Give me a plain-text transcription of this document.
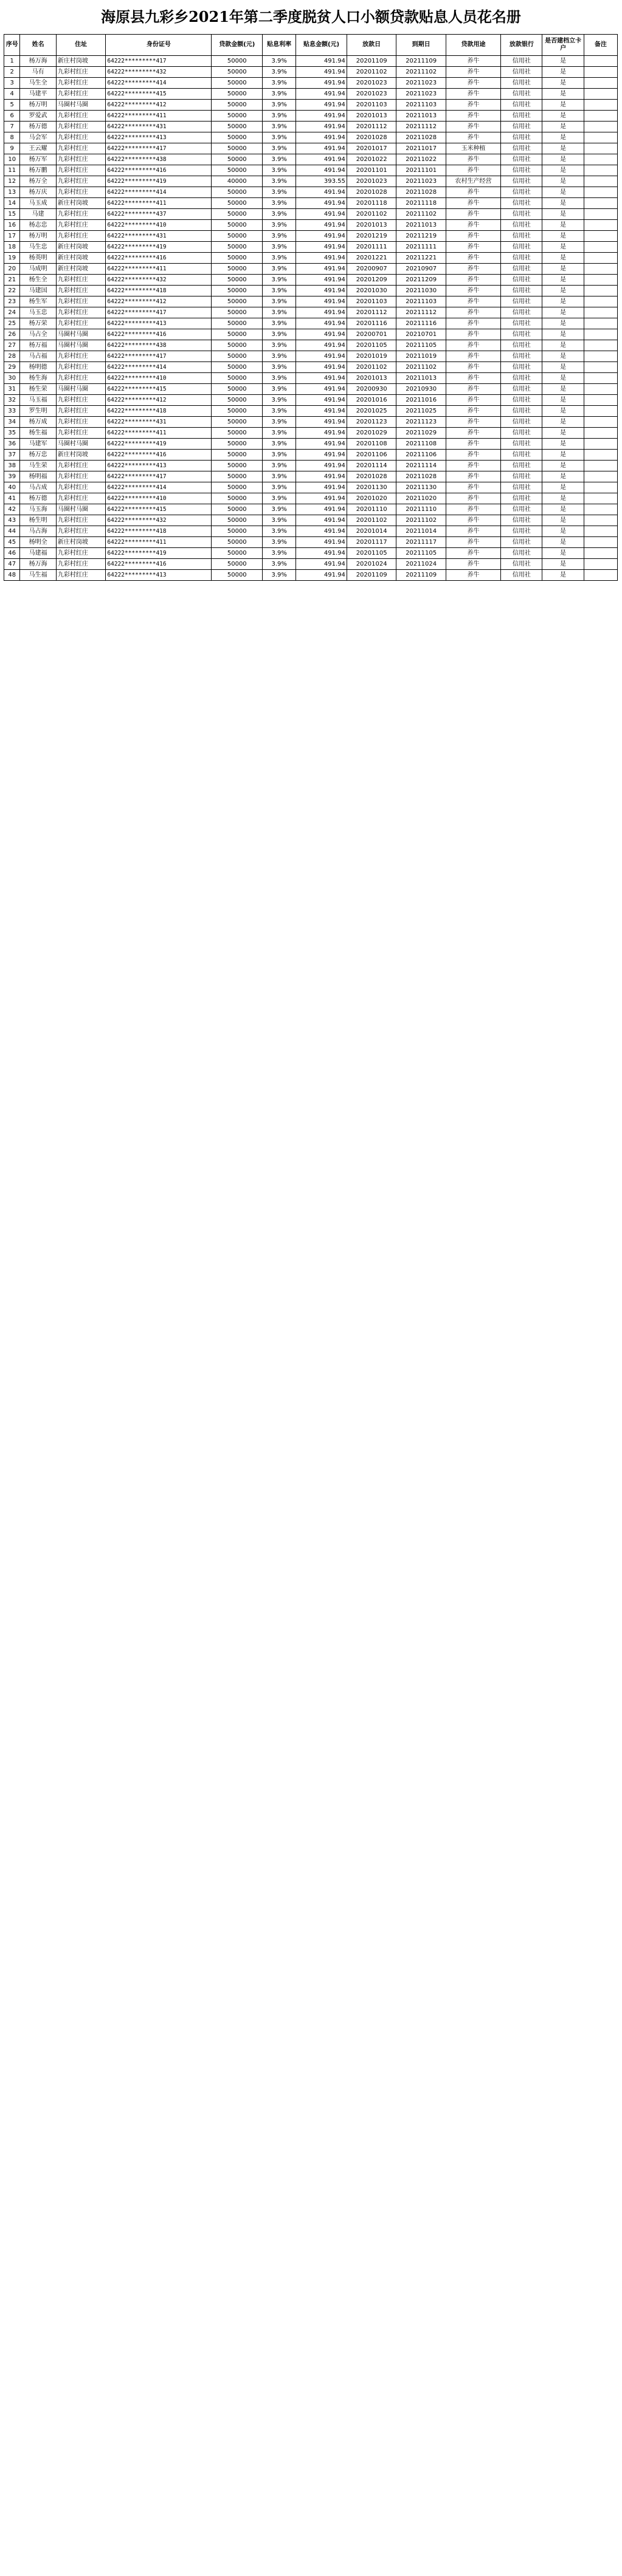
海原县九彩乡2021年第二季度脱贫人口小额贷款贴息人员花名册
序号	姓名	住址	身份证号	贷款金额(元)	贴息利率	贴息金额(元)	放款日	到期日	贷款用途	放款银行	是否建档立卡户	备注
1	杨万海	新庄村岗坡	64222*********417	50000	3.9%	491.94	20201109	20211109	养牛	信用社	是	
2	马有	九彩村红庄	64222*********432	50000	3.9%	491.94	20201102	20211102	养牛	信用社	是	
3	马生全	九彩村红庄	64222*********414	50000	3.9%	491.94	20201023	20211023	养牛	信用社	是	
4	马建平	九彩村红庄	64222*********415	50000	3.9%	491.94	20201023	20211023	养牛	信用社	是	
5	杨万明	马圈村马圈	64222*********412	50000	3.9%	491.94	20201103	20211103	养牛	信用社	是	
6	罗爱武	九彩村红庄	64222*********411	50000	3.9%	491.94	20201013	20211013	养牛	信用社	是	
7	杨万德	九彩村红庄	64222*********431	50000	3.9%	491.94	20201112	20211112	养牛	信用社	是	
8	马会军	九彩村红庄	64222*********413	50000	3.9%	491.94	20201028	20211028	养牛	信用社	是	
9	王云耀	九彩村红庄	64222*********417	50000	3.9%	491.94	20201017	20211017	玉米种植	信用社	是	
10	杨万军	九彩村红庄	64222*********438	50000	3.9%	491.94	20201022	20211022	养牛	信用社	是	
11	杨万鹏	九彩村红庄	64222*********416	50000	3.9%	491.94	20201101	20211101	养牛	信用社	是	
12	杨万全	九彩村红庄	64222*********419	40000	3.9%	393.55	20201023	20211023	农村生产经营	信用社	是	
13	杨万庆	九彩村红庄	64222*********414	50000	3.9%	491.94	20201028	20211028	养牛	信用社	是	
14	马玉成	新庄村岗坡	64222*********411	50000	3.9%	491.94	20201118	20211118	养牛	信用社	是	
15	马建	九彩村红庄	64222*********437	50000	3.9%	491.94	20201102	20211102	养牛	信用社	是	
16	杨志忠	九彩村红庄	64222*********410	50000	3.9%	491.94	20201013	20211013	养牛	信用社	是	
17	杨万明	九彩村红庄	64222*********431	50000	3.9%	491.94	20201219	20211219	养牛	信用社	是	
18	马生忠	新庄村岗坡	64222*********419	50000	3.9%	491.94	20201111	20211111	养牛	信用社	是	
19	杨英明	新庄村岗坡	64222*********416	50000	3.9%	491.94	20201221	20211221	养牛	信用社	是	
20	马成明	新庄村岗坡	64222*********411	50000	3.9%	491.94	20200907	20210907	养牛	信用社	是	
21	杨生全	九彩村红庄	64222*********432	50000	3.9%	491.94	20201209	20211209	养牛	信用社	是	
22	马建国	九彩村红庄	64222*********418	50000	3.9%	491.94	20201030	20211030	养牛	信用社	是	
23	杨生军	九彩村红庄	64222*********412	50000	3.9%	491.94	20201103	20211103	养牛	信用社	是	
24	马玉忠	九彩村红庄	64222*********417	50000	3.9%	491.94	20201112	20211112	养牛	信用社	是	
25	杨万荣	九彩村红庄	64222*********413	50000	3.9%	491.94	20201116	20211116	养牛	信用社	是	
26	马占全	马圈村马圈	64222*********416	50000	3.9%	491.94	20200701	20210701	养牛	信用社	是	
27	杨万福	马圈村马圈	64222*********438	50000	3.9%	491.94	20201105	20211105	养牛	信用社	是	
28	马占福	九彩村红庄	64222*********417	50000	3.9%	491.94	20201019	20211019	养牛	信用社	是	
29	杨明德	九彩村红庄	64222*********414	50000	3.9%	491.94	20201102	20211102	养牛	信用社	是	
30	杨生海	九彩村红庄	64222*********410	50000	3.9%	491.94	20201013	20211013	养牛	信用社	是	
31	杨生荣	马圈村马圈	64222*********415	50000	3.9%	491.94	20200930	20210930	养牛	信用社	是	
32	马玉福	九彩村红庄	64222*********412	50000	3.9%	491.94	20201016	20211016	养牛	信用社	是	
33	罗生明	九彩村红庄	64222*********418	50000	3.9%	491.94	20201025	20211025	养牛	信用社	是	
34	杨万成	九彩村红庄	64222*********431	50000	3.9%	491.94	20201123	20211123	养牛	信用社	是	
35	杨生福	九彩村红庄	64222*********411	50000	3.9%	491.94	20201029	20211029	养牛	信用社	是	
36	马建军	马圈村马圈	64222*********419	50000	3.9%	491.94	20201108	20211108	养牛	信用社	是	
37	杨万忠	新庄村岗坡	64222*********416	50000	3.9%	491.94	20201106	20211106	养牛	信用社	是	
38	马生荣	九彩村红庄	64222*********413	50000	3.9%	491.94	20201114	20211114	养牛	信用社	是	
39	杨明福	九彩村红庄	64222*********417	50000	3.9%	491.94	20201028	20211028	养牛	信用社	是	
40	马占成	九彩村红庄	64222*********414	50000	3.9%	491.94	20201130	20211130	养牛	信用社	是	
41	杨万德	九彩村红庄	64222*********410	50000	3.9%	491.94	20201020	20211020	养牛	信用社	是	
42	马玉海	马圈村马圈	64222*********415	50000	3.9%	491.94	20201110	20211110	养牛	信用社	是	
43	杨生明	九彩村红庄	64222*********432	50000	3.9%	491.94	20201102	20211102	养牛	信用社	是	
44	马占海	九彩村红庄	64222*********418	50000	3.9%	491.94	20201014	20211014	养牛	信用社	是	
45	杨明全	新庄村岗坡	64222*********411	50000	3.9%	491.94	20201117	20211117	养牛	信用社	是	
46	马建福	九彩村红庄	64222*********419	50000	3.9%	491.94	20201105	20211105	养牛	信用社	是	
47	杨万海	九彩村红庄	64222*********416	50000	3.9%	491.94	20201024	20211024	养牛	信用社	是	
48	马生福	九彩村红庄	64222*********413	50000	3.9%	491.94	20201109	20211109	养牛	信用社	是	
